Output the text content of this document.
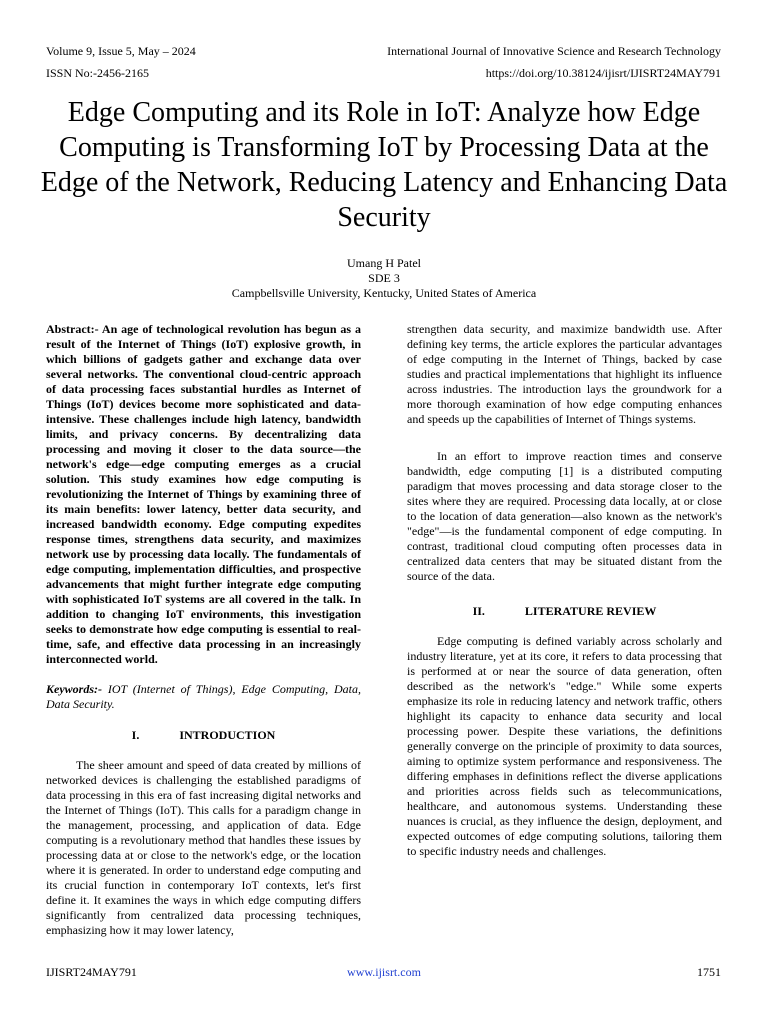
Volume 9, Issue 5, May – 2024
ISSN No:-2456-2165
International Journal of Innovative Science and Research Technology
https://doi.org/10.38124/ijisrt/IJISRT24MAY791
Edge Computing and its Role in IoT: Analyze how Edge Computing is Transforming IoT by Processing Data at the Edge of the Network, Reducing Latency and Enhancing Data Security
Umang H Patel
SDE 3
Campbellsville University, Kentucky, United States of America

Abstract:- An age of technological revolution has begun as a result of the Internet of Things (IoT) explosive growth, in which billions of gadgets gather and exchange data over several networks. The conventional cloud-centric approach of data processing faces substantial hurdles as Internet of Things (IoT) devices become more sophisticated and data-intensive. These challenges include high latency, bandwidth limits, and privacy concerns. By decentralizing data processing and moving it closer to the data source—the network's edge—edge computing emerges as a crucial solution. This study examines how edge computing is revolutionizing the Internet of Things by examining three of its main benefits: lower latency, better data security, and increased bandwidth economy. Edge computing expedites response times, strengthens data security, and maximizes network use by processing data locally. The fundamentals of edge computing, implementation difficulties, and prospective advancements that might further integrate edge computing with sophisticated IoT systems are all covered in the talk. In addition to changing IoT environments, this investigation seeks to demonstrate how edge computing is essential to real-time, safe, and effective data processing in an increasingly interconnected world.

Keywords:- IOT (Internet of Things), Edge Computing, Data, Data Security.

I.	INTRODUCTION

The sheer amount and speed of data created by millions of networked devices is challenging the established paradigms of data processing in this era of fast increasing digital networks and the Internet of Things (IoT). This calls for a paradigm change in the management, processing, and application of data. Edge computing is a revolutionary method that handles these issues by processing data at or close to the network's edge, or the location where it is generated. In order to understand edge computing and its crucial function in contemporary IoT contexts, let's first define it. It examines the ways in which edge computing differs significantly from centralized data processing techniques, emphasizing how it may lower latency,

strengthen data security, and maximize bandwidth use. After defining key terms, the article explores the particular advantages of edge computing in the Internet of Things, backed by case studies and practical implementations that highlight its influence across industries. The introduction lays the groundwork for a more thorough examination of how edge computing enhances and speeds up the capabilities of Internet of Things systems.

In an effort to improve reaction times and conserve bandwidth, edge computing [1] is a distributed computing paradigm that moves processing and data storage closer to the sites where they are required. Processing data locally, at or close to the location of data generation—also known as the network's "edge"—is the fundamental component of edge computing. In contrast, traditional cloud computing often processes data in centralized data centers that may be situated distant from the source of the data.

II.	LITERATURE REVIEW

Edge computing is defined variably across scholarly and industry literature, yet at its core, it refers to data processing that is performed at or near the source of data generation, often described as the network's "edge." While some experts emphasize its role in reducing latency and network traffic, others highlight its capacity to enhance data security and local processing power. Despite these variations, the definitions generally converge on the principle of proximity to data sources, aiming to optimize system performance and responsiveness. The differing emphases in definitions reflect the diverse applications and priorities across fields such as telecommunications, healthcare, and autonomous systems. Understanding these nuances is crucial, as they influence the design, deployment, and expected outcomes of edge computing solutions, tailoring them to specific industry needs and challenges.

IJISRT24MAY791	www.ijisrt.com	1751
